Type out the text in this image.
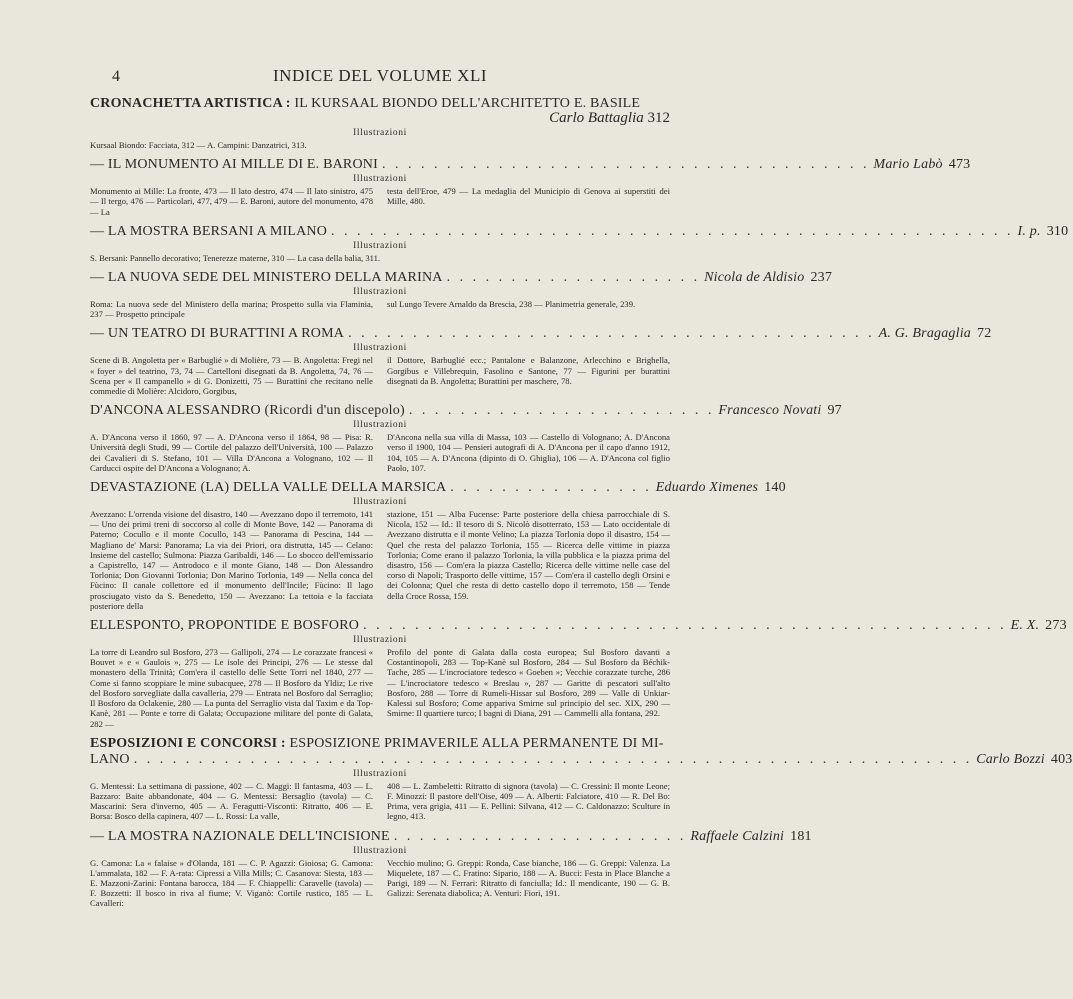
4	INDICE DEL VOLUME XLI
CRONACHETTA ARTISTICA : IL KURSAAL BIONDO DELL'ARCHITETTO E. BASILE
Carlo Battaglia 312
Illustrazioni
Kursaal Biondo: Facciata, 312 — A. Campini: Danzatrici, 313.
— IL MONUMENTO AI MILLE DI E. BARONI . . . . . . . . . . . . . . . . . . . . . . . . . . . . . . . . . . . . . . Mario Labò 473
Illustrazioni
Monumento ai Mille: La fronte, 473 — Il lato destro, 474 — Il lato sinistro, 475 — Il tergo, 476 — Particolari, 477, 479 — E. Baroni, autore del monumento, 478 — La
testa dell'Eroe, 479 — La medaglia del Municipio di Genova ai superstiti dei Mille, 480.
— LA MOSTRA BERSANI A MILANO . . . . . . . . . . . . . . . . . . . . . . . . . . . . . . . . . . . . . . . . . . . . . . . . . . . . . I. p. 310
Illustrazioni
S. Bersani: Pannello decorativo; Tenerezze materne, 310 — La casa della balia, 311.
— LA NUOVA SEDE DEL MINISTERO DELLA MARINA . . . . . . . . . . . . . . . . . . . . Nicola de Aldisio 237
Illustrazioni
Roma: La nuova sede del Ministero della marina; Prospetto sulla via Flaminia, 237 — Prospetto principale
sul Lungo Tevere Arnaldo da Brescia, 238 — Planimetria generale, 239.
— UN TEATRO DI BURATTINI A ROMA . . . . . . . . . . . . . . . . . . . . . . . . . . . . . . . . . . . . . . . . . A. G. Bragaglia 72
Illustrazioni
Scene di B. Angoletta per « Barbuglié » di Molière, 73 — B. Angoletta: Fregi nel « foyer » del teatrino, 73, 74 — Cartelloni disegnati da B. Angoletta, 74, 76 — Scena per « Il campanello » di G. Donizetti, 75 — Burattini che recitano nelle commedie di Molière: Alcidoro, Gorgibus,
il Dottore, Barbuglié ecc.; Pantalone e Balanzone, Arlecchino e Brighella, Gorgibus e Villebrequin, Fasolino e Santone, 77 — Figurini per burattini disegnati da B. Angoletta; Burattini per maschere, 78.
D'ANCONA ALESSANDRO (Ricordi d'un discepolo) . . . . . . . . . . . . . . . . . . . . . . . . Francesco Novati 97
Illustrazioni
A. D'Ancona verso il 1860, 97 — A. D'Ancona verso il 1864, 98 — Pisa: R. Università degli Studi, 99 — Cortile del palazzo dell'Università, 100 — Palazzo dei Cavalieri di S. Stefano, 101 — Villa D'Ancona a Volognano, 102 — Il Carducci ospite del D'Ancona a Volognano; A.
D'Ancona nella sua villa di Massa, 103 — Castello di Volognano; A. D'Ancona verso il 1900, 104 — Pensieri autografi di A. D'Ancona per il capo d'anno 1912, 104, 105 — A. D'Ancona (dipinto di O. Ghiglia), 106 — A. D'Ancona col figlio Paolo, 107.
DEVASTAZIONE (LA) DELLA VALLE DELLA MARSICA . . . . . . . . . . . . . . . . Eduardo Ximenes 140
Illustrazioni
Avezzano: L'orrenda visione del disastro, 140 — Avezzano dopo il terremoto, 141 — Uno dei primi treni di soccorso al colle di Monte Bove, 142 — Panorama di Paterno; Cocullo e il monte Cocullo, 143 — Panorama di Pescina, 144 — Magliano de' Marsi: Panorama; La via dei Priori, ora distrutta, 145 — Celano: Insieme del castello; Sulmona: Piazza Garibaldi, 146 — Lo sbocco dell'emissario a Capistrello, 147 — Antrodoco e il monte Giano, 148 — Don Alessandro Torlonia; Don Giovanni Torlonia; Don Marino Torlonia, 149 — Nella conca del Fùcino: Il canale collettore ed il monumento dell'Incile; Fùcino: Il lago prosciugato visto da S. Benedetto, 150 — Avezzano: La tettoia e la facciata posteriore della
stazione, 151 — Alba Fucense: Parte posteriore della chiesa parrocchiale di S. Nicola, 152 — Id.: Il tesoro di S. Nicolò disotterrato, 153 — Lato occidentale di Avezzano distrutta e il monte Velino; La piazza Torlonia dopo il disastro, 154 — Quel che resta del palazzo Torlonia, 155 — Ricerca delle vittime in piazza Torlonia; Come erano il palazzo Torlonia, la villa pubblica e la piazza prima del disastro, 156 — Com'era la piazza Castello; Ricerca delle vittime nelle case del corso di Napoli; Trasporto delle vittime, 157 — Com'era il castello degli Orsini e dei Colonna; Quel che resta di detto castello dopo il terremoto, 158 — Tende della Croce Rossa, 159.
ELLESPONTO, PROPONTIDE E BOSFORO . . . . . . . . . . . . . . . . . . . . . . . . . . . . . . . . . . . . . . . . . . . . . . . . . . E. X. 273
Illustrazioni
La torre di Leandro sul Bosforo, 273 — Gallipoli, 274 — Le corazzate francesi « Bouvet » e « Gaulois », 275 — Le isole dei Principi, 276 — Le stesse dal monastero della Trinità; Com'era il castello delle Sette Torri nel 1840, 277 — Come si fanno scoppiare le mine subacquee, 278 — Il Bosforo da Yldiz; Le rive del Bosforo sorvegliate dalla cavalleria, 279 — Entrata nel Bosforo dal Serraglio; Il Bosforo da Oclakenie, 280 — La punta del Serraglio vista dal Taxim e da Top-Kanè, 281 — Ponte e torre di Galata; Occupazione militare del ponte di Galata, 282 —
Profilo del ponte di Galata dalla costa europea; Sul Bosforo davanti a Costantinopoli, 283 — Top-Kanè sul Bosforo, 284 — Sul Bosforo da Béchik-Tache, 285 — L'incrociatore tedesco « Goeben »; Vecchie corazzate turche, 286 — L'incrociatore tedesco « Breslau », 287 — Garitte di pescatori sull'alto Bosforo, 288 — Torre di Rumeli-Hissar sul Bosforo, 289 — Valle di Unkiar-Kalessi sul Bosforo; Come appariva Smirne sul principio del sec. XIX, 290 — Smirne: Il quartiere turco; I bagni di Diana, 291 — Cammelli alla fontana, 292.
ESPOSIZIONI E CONCORSI : ESPOSIZIONE PRIMAVERILE ALLA PERMANENTE DI MI-
LANO . . . . . . . . . . . . . . . . . . . . . . . . . . . . . . . . . . . . . . . . . . . . . . . . . . . . . . . . . . . . . . . . . Carlo Bozzi 403
Illustrazioni
G. Mentessi: La settimana di passione, 402 — C. Maggi: Il fantasma, 403 — L. Bazzaro: Baite abbandonate, 404 — G. Mentessi: Bersaglio (tavola) — C. Mascarini: Sera d'inverno, 405 — A. Feragutti-Visconti: Ritratto, 406 — E. Borsa: Bosco della capinera, 407 — L. Rossi: La valle,
408 — L. Zambeletti: Ritratto di signora (tavola) — C. Cressini: Il monte Leone; F. Minozzi: Il pastore dell'Oise, 409 — A. Alberti: Falciatore, 410 — R. Del Bo: Prima, vera grigia, 411 — E. Pellini: Silvana, 412 — C. Caldonazzo: Sculture in legno, 413.
— LA MOSTRA NAZIONALE DELL'INCISIONE . . . . . . . . . . . . . . . . . . . . . . . Raffaele Calzini 181
Illustrazioni
G. Camona: La « falaise » d'Olanda, 181 — C. P. Agazzi: Gioiosa; G. Camona: L'ammalata, 182 — F. A-rata: Cipressi a Villa Mills; C. Casanova: Siesta, 183 — E. Mazzoni-Zarini: Fontana barocca, 184 — F. Chiappelli: Caravelle (tavola) — F. Bozzetti: Il bosco in riva al fiume; V. Viganò: Cortile rustico, 185 — L. Cavalleri:
Vecchio mulino; G. Greppi: Ronda, Case bianche, 186 — G. Greppi: Valenza. La Miquelete, 187 — C. Fratino: Sipario, 188 — A. Bucci: Festa in Place Blanche a Parigi, 189 — N. Ferrari: Ritratto di fanciulla; Id.: Il mendicante, 190 — G. B. Galizzi: Serenata diabolica; A. Venturi: Fiori, 191.
